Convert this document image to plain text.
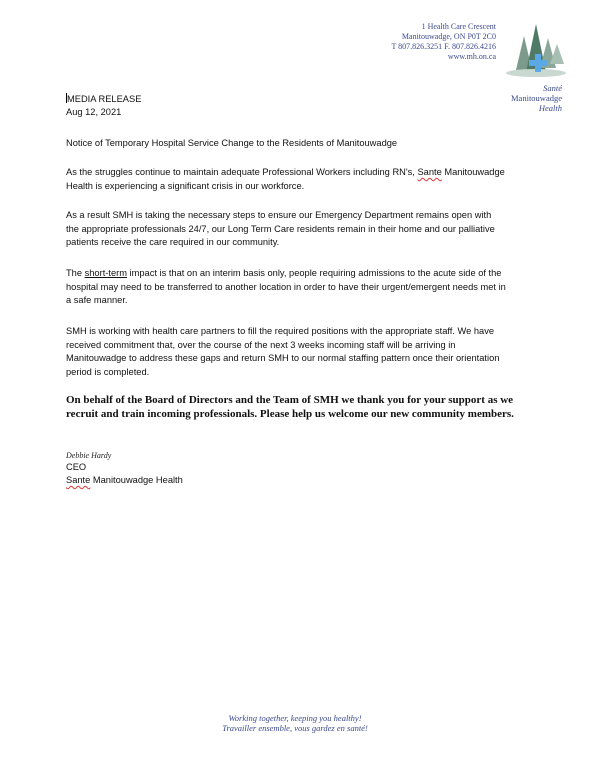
1 Health Care Crescent
Manitouwadge, ON P0T 2C0
T 807.826.3251 F. 807.826.4216
www.mh.on.ca
Santé
Manitouwadge
Health
MEDIA RELEASE
Aug 12, 2021
Notice of Temporary Hospital Service Change to the Residents of Manitouwadge
As the struggles continue to maintain adequate Professional Workers including RN's, Sante Manitouwadge Health is experiencing a significant crisis in our workforce.
As a result SMH is taking the necessary steps to ensure our Emergency Department remains open with the appropriate professionals 24/7, our Long Term Care residents remain in their home and our palliative patients receive the care required in our community.
The short-term impact is that on an interim basis only, people requiring admissions to the acute side of the hospital may need to be transferred to another location in order to have their urgent/emergent needs met in a safe manner.
SMH is working with health care partners to fill the required positions with the appropriate staff. We have received commitment that, over the course of the next 3 weeks incoming staff will be arriving in Manitouwadge to address these gaps and return SMH to our normal staffing pattern once their orientation period is completed.
On behalf of the Board of Directors and the Team of SMH we thank you for your support as we recruit and train incoming professionals. Please help us welcome our new community members.
Debbie Hardy
CEO
Sante Manitouwadge Health
Working together, keeping you healthy!
Travailler ensemble, vous gardez en santé!
